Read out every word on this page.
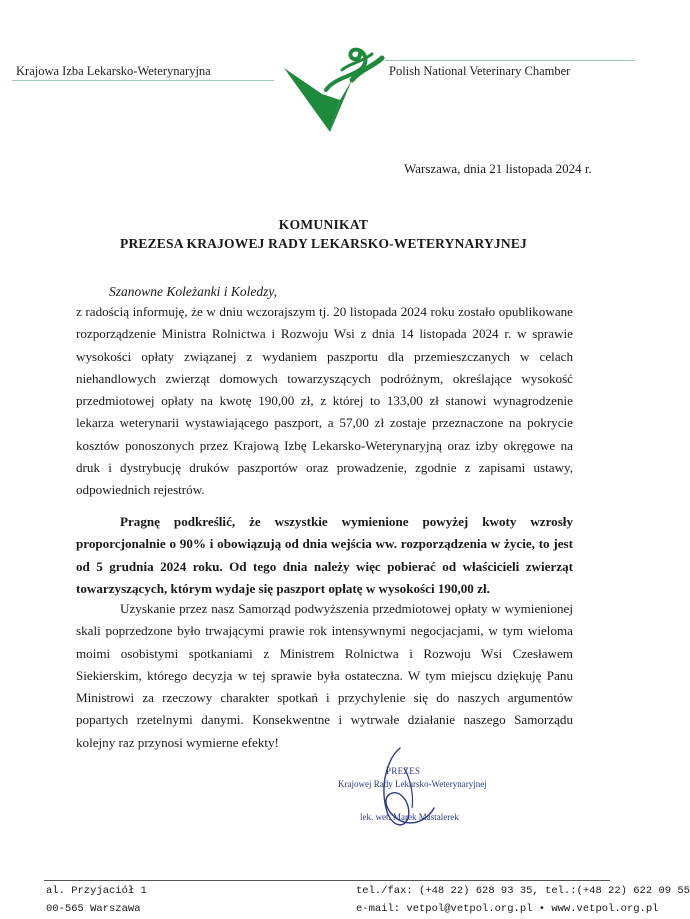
Krajowa Izba Lekarsko-Weterynaryjna	Polish National Veterinary Chamber
Warszawa, dnia 21 listopada 2024 r.
KOMUNIKAT
PREZESA KRAJOWEJ RADY LEKARSKO-WETERYNARYJNEJ
Szanowne Koleżanki i Koledzy,

z radością informuję, że w dniu wczorajszym tj. 20 listopada 2024 roku zostało opublikowane rozporządzenie Ministra Rolnictwa i Rozwoju Wsi z dnia 14 listopada 2024 r. w sprawie wysokości opłaty związanej z wydaniem paszportu dla przemieszczanych w celach niehandlowych zwierząt domowych towarzyszących podróżnym, określające wysokość przedmiotowej opłaty na kwotę 190,00 zł, z której to 133,00 zł stanowi wynagrodzenie lekarza weterynarii wystawiającego paszport, a 57,00 zł zostaje przeznaczone na pokrycie kosztów ponoszonych przez Krajową Izbę Lekarsko-Weterynaryjną oraz izby okręgowe na druk i dystrybucję druków paszportów oraz prowadzenie, zgodnie z zapisami ustawy, odpowiednich rejestrów.

Pragnę podkreślić, że wszystkie wymienione powyżej kwoty wzrosły proporcjonalnie o 90% i obowiązują od dnia wejścia ww. rozporządzenia w życie, to jest od 5 grudnia 2024 roku. Od tego dnia należy więc pobierać od właścicieli zwierząt towarzyszących, którym wydaje się paszport opłatę w wysokości 190,00 zł.

Uzyskanie przez nasz Samorząd podwyższenia przedmiotowej opłaty w wymienionej skali poprzedzone było trwającymi prawie rok intensywnymi negocjacjami, w tym wieloma moimi osobistymi spotkaniami z Ministrem Rolnictwa i Rozwoju Wsi Czesławem Siekierskim, którego decyzja w tej sprawie była ostateczna. W tym miejscu dziękuję Panu Ministrowi za rzeczowy charakter spotkań i przychylenie się do naszych argumentów popartych rzetelnymi danymi. Konsekwentne i wytrwałe działanie naszego Samorządu kolejny raz przynosi wymierne efekty!

PREZES
Krajowej Rady Lekarsko-Weterynaryjnej
lek. wet. Marek Mastalerek
al. Przyjaciół 1
00-565 Warszawa
tel./fax: (+48 22) 628 93 35, tel.:(+48 22) 622 09 55
e-mail: vetpol@vetpol.org.pl • www.vetpol.org.pl
